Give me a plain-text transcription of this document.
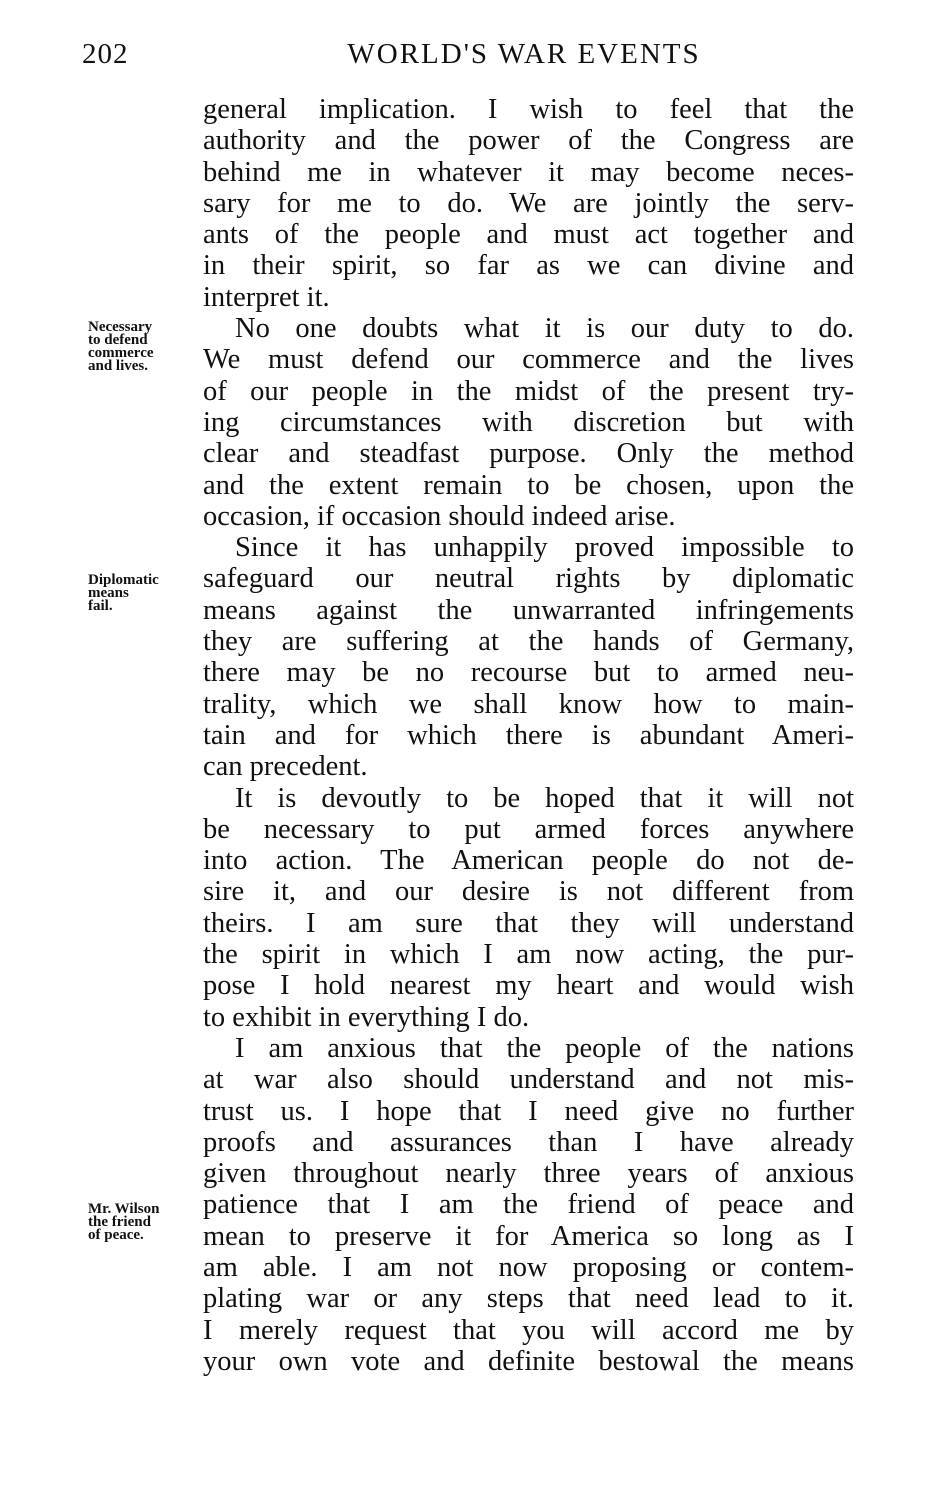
202	WORLD'S WAR EVENTS
Necessary
to defend
commerce
and lives.
Diplomatic
means
fail.
Mr. Wilson
the friend
of peace.
general implication. I wish to feel that the
authority and the power of the Congress are
behind me in whatever it may become neces-
sary for me to do. We are jointly the serv-
ants of the people and must act together and
in their spirit, so far as we can divine and
interpret it.
No one doubts what it is our duty to do.
We must defend our commerce and the lives
of our people in the midst of the present try-
ing circumstances with discretion but with
clear and steadfast purpose. Only the method
and the extent remain to be chosen, upon the
occasion, if occasion should indeed arise.
Since it has unhappily proved impossible to
safeguard our neutral rights by diplomatic
means against the unwarranted infringements
they are suffering at the hands of Germany,
there may be no recourse but to armed neu-
trality, which we shall know how to main-
tain and for which there is abundant Ameri-
can precedent.
It is devoutly to be hoped that it will not
be necessary to put armed forces anywhere
into action. The American people do not de-
sire it, and our desire is not different from
theirs. I am sure that they will understand
the spirit in which I am now acting, the pur-
pose I hold nearest my heart and would wish
to exhibit in everything I do.
I am anxious that the people of the nations
at war also should understand and not mis-
trust us. I hope that I need give no further
proofs and assurances than I have already
given throughout nearly three years of anxious
patience that I am the friend of peace and
mean to preserve it for America so long as I
am able. I am not now proposing or contem-
plating war or any steps that need lead to it.
I merely request that you will accord me by
your own vote and definite bestowal the means
